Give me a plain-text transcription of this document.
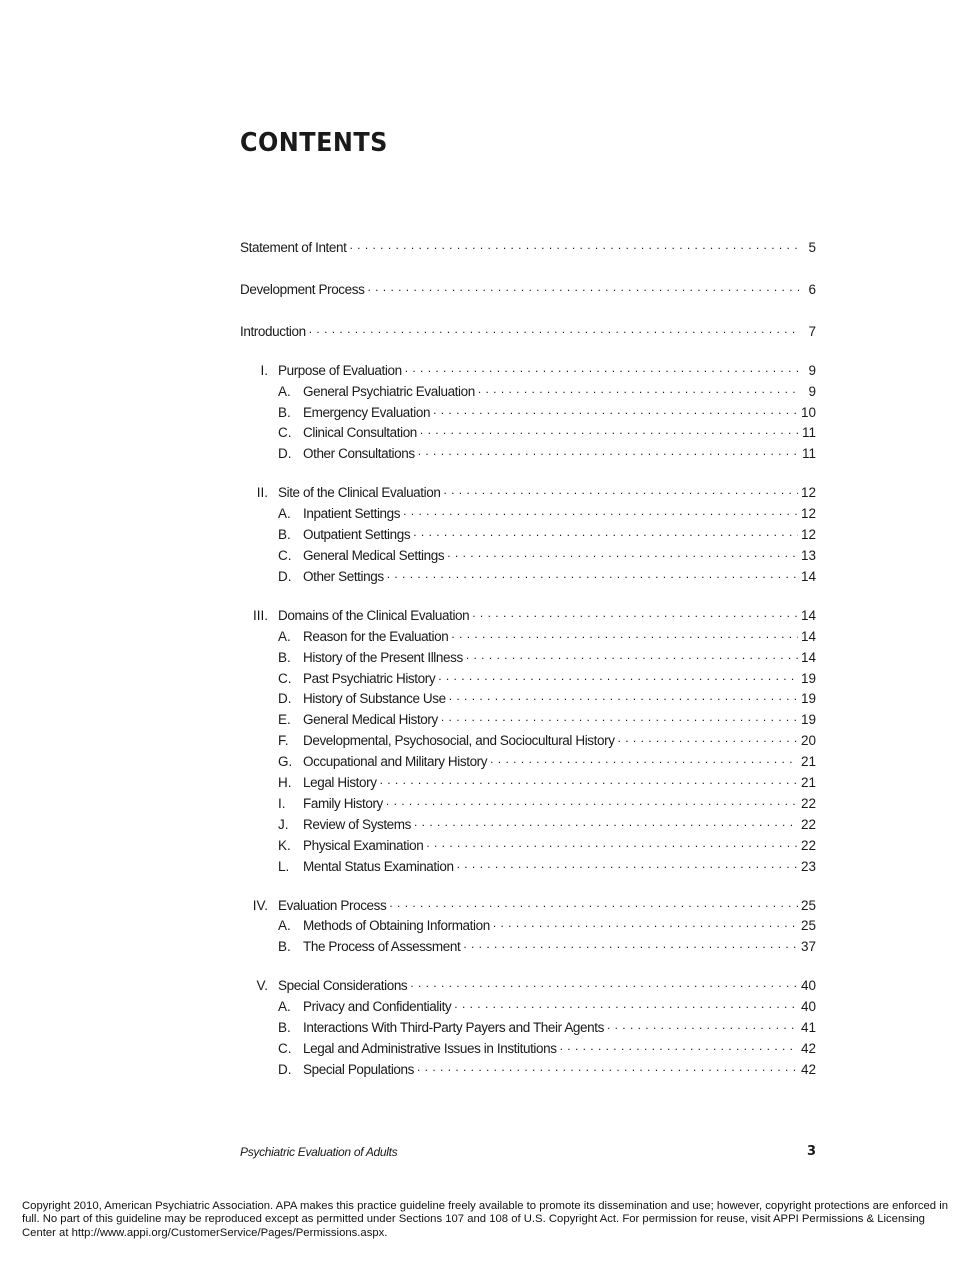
CONTENTS
Statement of Intent . . .	5
Development Process . . .	6
Introduction . . .	7
I. Purpose of Evaluation . . .	9
A. General Psychiatric Evaluation . . .	9
B. Emergency Evaluation . . .	10
C. Clinical Consultation . . .	11
D. Other Consultations . . .	11
II. Site of the Clinical Evaluation . . .	12
A. Inpatient Settings . . .	12
B. Outpatient Settings . . .	12
C. General Medical Settings . . .	13
D. Other Settings . . .	14
III. Domains of the Clinical Evaluation . . .	14
A. Reason for the Evaluation . . .	14
B. History of the Present Illness . . .	14
C. Past Psychiatric History . . .	19
D. History of Substance Use . . .	19
E. General Medical History . . .	19
F.	Developmental, Psychosocial, and Sociocultural History . . .	20
G. Occupational and Military History . . .	21
H. Legal History . . .	21
I.	Family History . . .	22
J.	Review of Systems . . .	22
K. Physical Examination . . .	22
L.	Mental Status Examination . . .	23
IV. Evaluation Process . . .	25
A. Methods of Obtaining Information . . .	25
B. The Process of Assessment . . .	37
V. Special Considerations . . .	40
A. Privacy and Confidentiality . . .	40
B. Interactions With Third-Party Payers and Their Agents . . .	41
C. Legal and Administrative Issues in Institutions . . .	42
D. Special Populations . . .	42
Psychiatric Evaluation of Adults	3
Copyright 2010, American Psychiatric Association. APA makes this practice guideline freely available to promote its dissemination and use; however, copyright protections are enforced in full. No part of this guideline may be reproduced except as permitted under Sections 107 and 108 of U.S. Copyright Act. For permission for reuse, visit APPI Permissions & Licensing Center at http://www.appi.org/CustomerService/Pages/Permissions.aspx.
